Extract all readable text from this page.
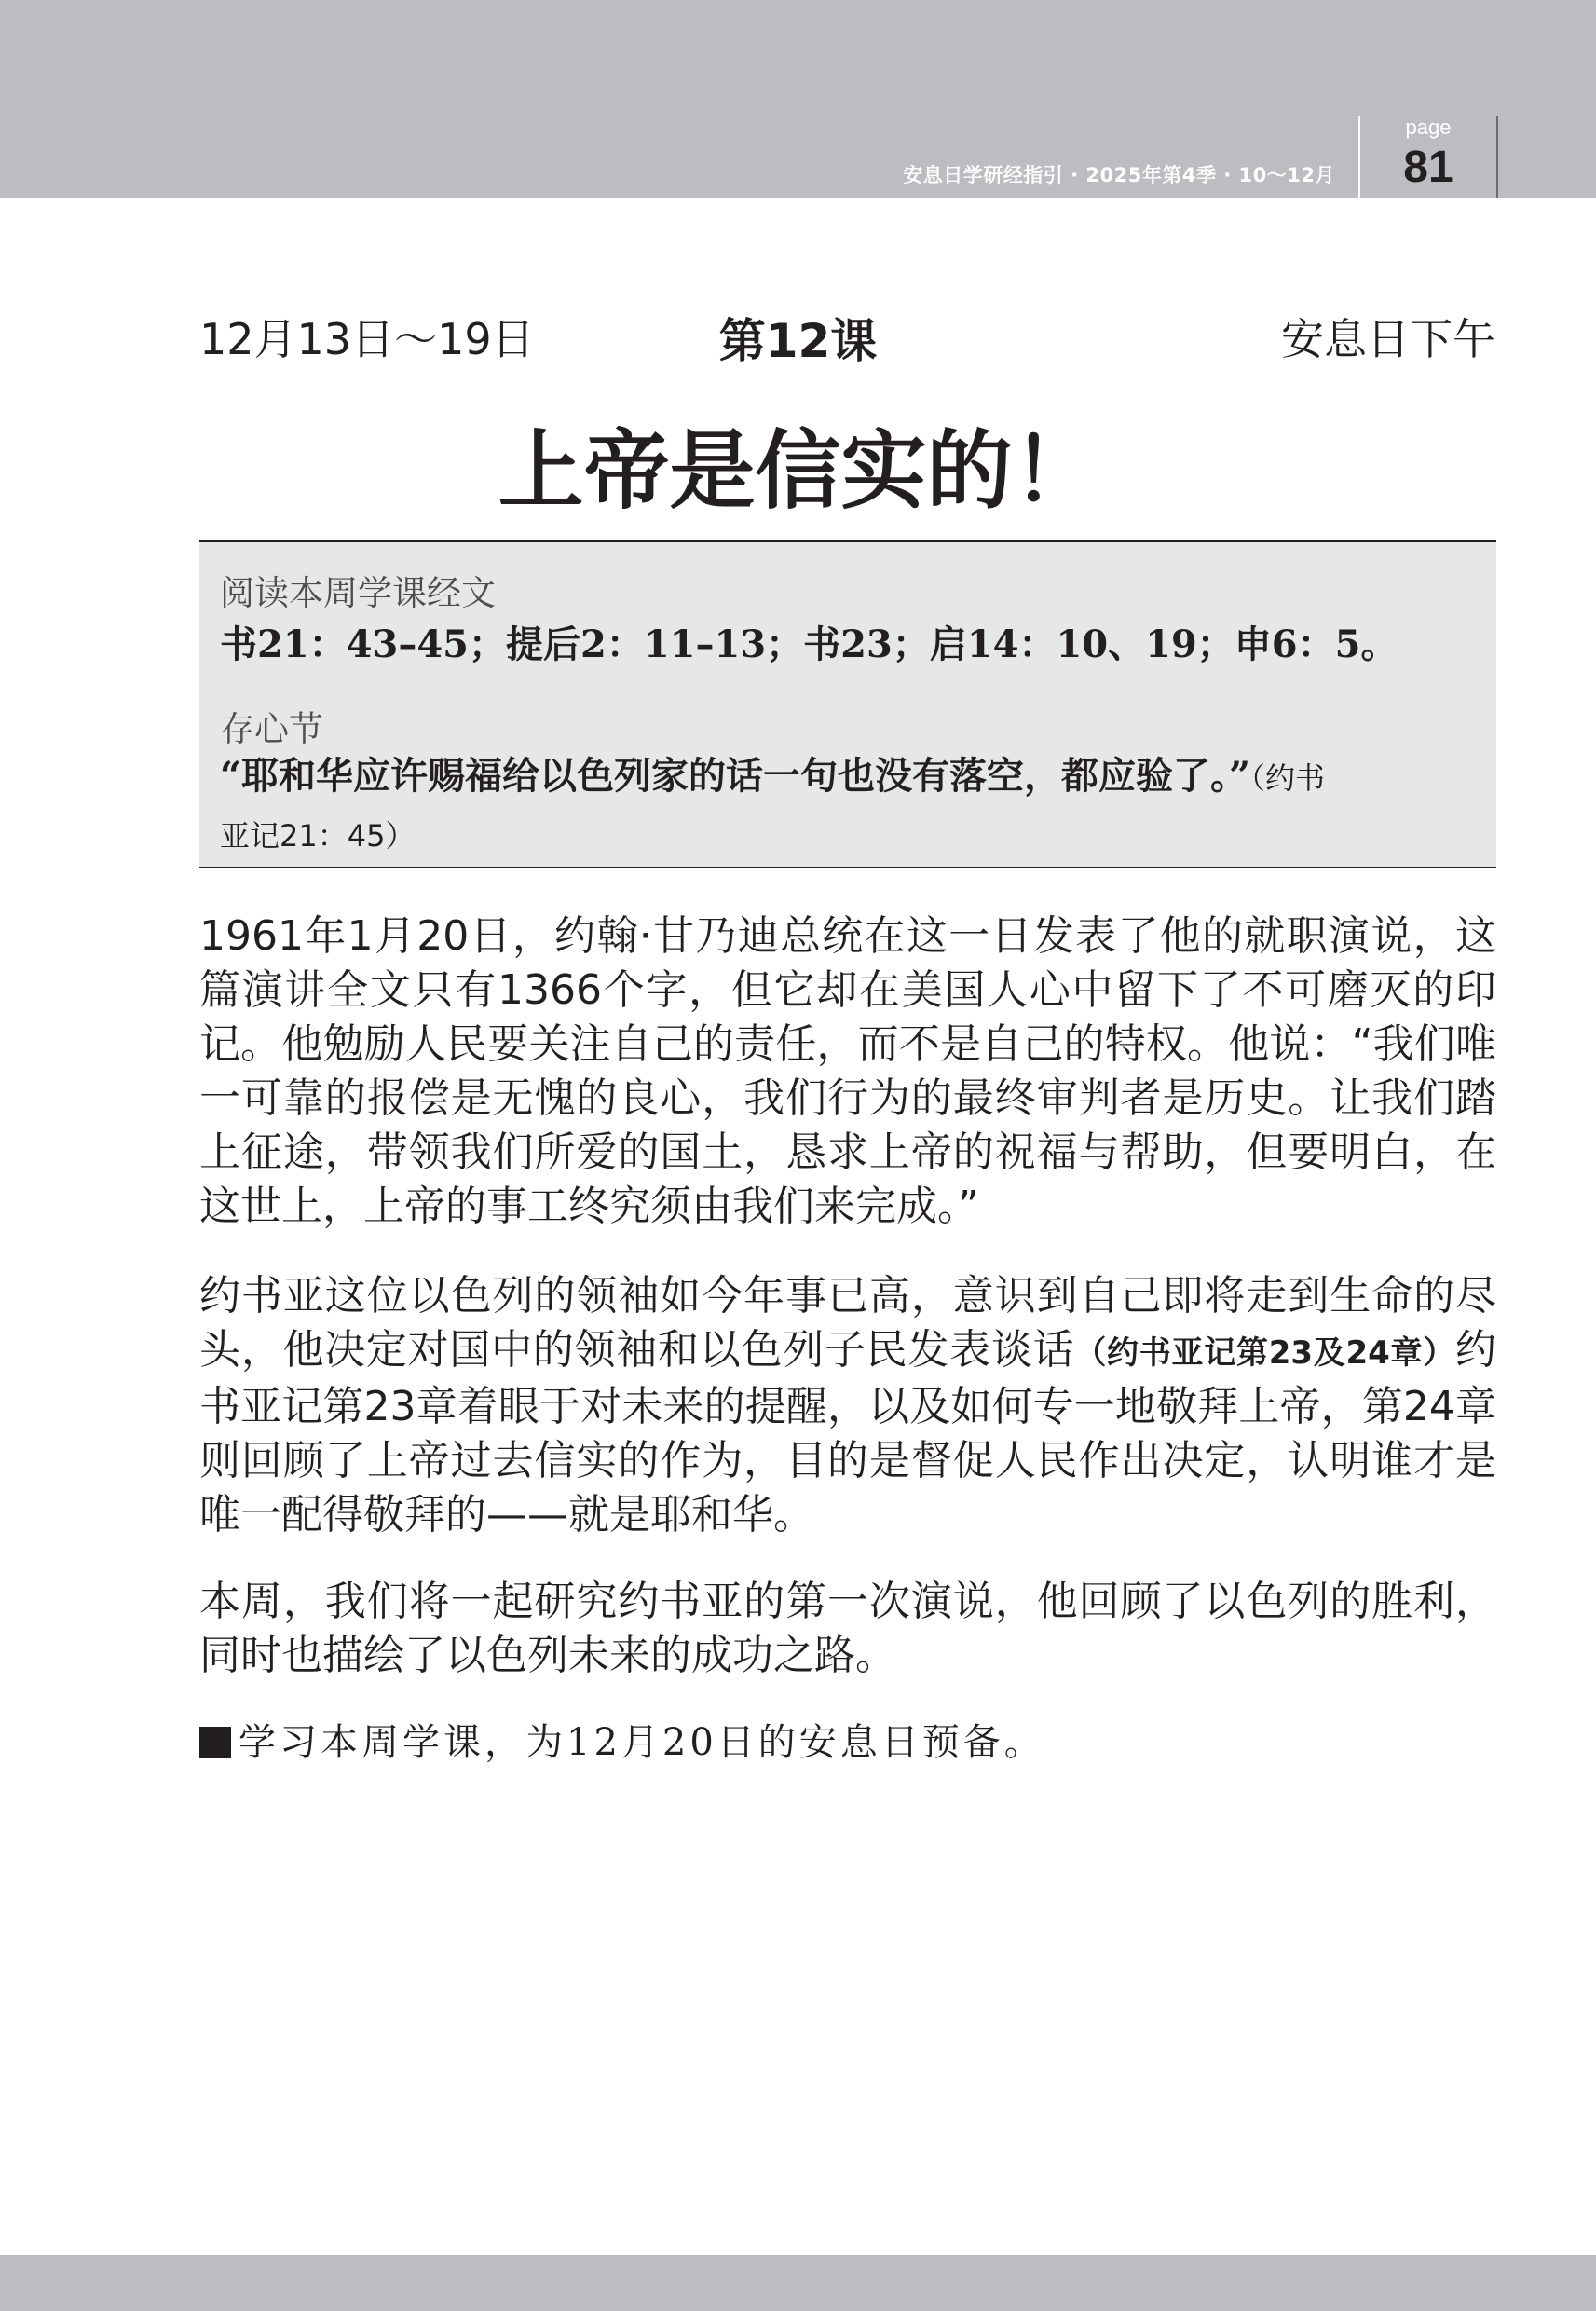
安息日学研经指引 · 2025年第4季 · 10～12月
page
81
12月13日～19日	第12课	安息日下午
上帝是信实的！
阅读本周学课经文
书21：43–45；提后2：11–13；书23；启14：10、19；申6：5。
存心节
“耶和华应许赐福给以色列家的话一句也没有落空，都应验了。”（约书
亚记21：45）
1961年1月20日，约翰·甘乃迪总统在这一日发表了他的就职演说，这篇演讲全文只有1366个字，但它却在美国人心中留下了不可磨灭的印记。他勉励人民要关注自己的责任，而不是自己的特权。他说：“我们唯一可靠的报偿是无愧的良心，我们行为的最终审判者是历史。让我们踏上征途，带领我们所爱的国土，恳求上帝的祝福与帮助，但要明白，在这世上，上帝的事工终究须由我们来完成。”
约书亚这位以色列的领袖如今年事已高，意识到自己即将走到生命的尽头，他决定对国中的领袖和以色列子民发表谈话（约书亚记第23及24章）约书亚记第23章着眼于对未来的提醒，以及如何专一地敬拜上帝，第24章则回顾了上帝过去信实的作为，目的是督促人民作出决定，认明谁才是唯一配得敬拜的——就是耶和华。
本周，我们将一起研究约书亚的第一次演说，他回顾了以色列的胜利，同时也描绘了以色列未来的成功之路。
学习本周学课，为12月20日的安息日预备。
